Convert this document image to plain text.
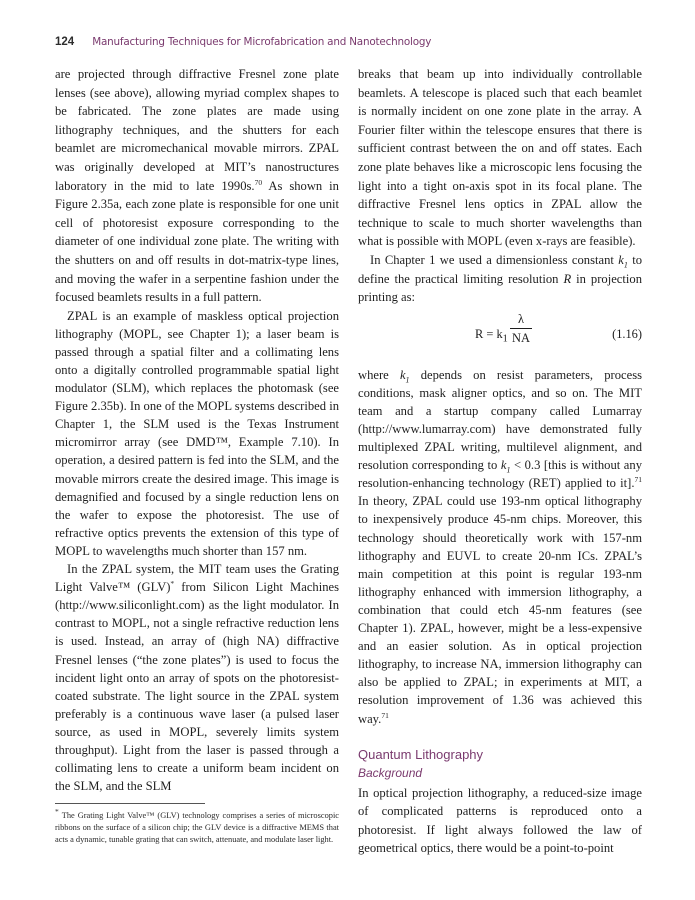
124 Manufacturing Techniques for Microfabrication and Nanotechnology

are projected through diffractive Fresnel zone plate lenses (see above), allowing myriad complex shapes to be fabricated. The zone plates are made using lithography techniques, and the shutters for each beamlet are micromechanical movable mirrors. ZPAL was originally developed at MIT’s nanostructures laboratory in the mid to late 1990s.$^{70}$ As shown in Figure 2.35a, each zone plate is responsible for one unit cell of photoresist exposure corresponding to the diameter of one individual zone plate. The writing with the shutters on and off results in dot-matrix-type lines, and moving the wafer in a serpentine fashion under the focused beamlets results in a full pattern.

ZPAL is an example of maskless optical projection lithography (MOPL, see Chapter 1); a laser beam is passed through a spatial filter and a collimating lens onto a digitally controlled programmable spatial light modulator (SLM), which replaces the photomask (see Figure 2.35b). In one of the MOPL systems described in Chapter 1, the SLM used is the Texas Instrument micromirror array (see DMD™, Example 7.10). In operation, a desired pattern is fed into the SLM, and the movable mirrors create the desired image. This image is demagnified and focused by a single reduction lens on the wafer to expose the photoresist. The use of refractive optics prevents the extension of this type of MOPL to wavelengths much shorter than 157 nm.

In the ZPAL system, the MIT team uses the Grating Light Valve™ (GLV)* from Silicon Light Machines (http://www.siliconlight.com) as the light modulator. In contrast to MOPL, not a single refractive reduction lens is used. Instead, an array of (high NA) diffractive Fresnel lenses (“the zone plates”) is used to focus the incident light onto an array of spots on the photoresist-coated substrate. The light source in the ZPAL system preferably is a continuous wave laser (a pulsed laser source, as used in MOPL, severely limits system throughput). Light from the laser is passed through a collimating lens to create a uniform beam incident on the SLM, and the SLM

* The Grating Light Valve™ (GLV) technology comprises a series of microscopic ribbons on the surface of a silicon chip; the GLV device is a diffractive MEMS that acts a dynamic, tunable grating that can switch, attenuate, and modulate laser light.

breaks that beam up into individually controllable beamlets. A telescope is placed such that each beamlet is normally incident on one zone plate in the array. A Fourier filter within the telescope ensures that there is sufficient contrast between the on and off states. Each zone plate behaves like a microscopic lens focusing the light into a tight on-axis spot in its focal plane. The diffractive Fresnel lens optics in ZPAL allow the technique to scale to much shorter wavelengths than what is possible with MOPL (even x-rays are feasible).

In Chapter 1 we used a dimensionless constant $k_1$ to define the practical limiting resolution R in projection printing as:

$R = k_1$
λ
NA	(1.16)

where $k_1$ depends on resist parameters, process conditions, mask aligner optics, and so on. The MIT team and a startup company called Lumarray (http://www.lumarray.com) have demonstrated fully multiplexed ZPAL writing, multilevel alignment, and resolution corresponding to $k_1 < 0.3$ [this is without any resolution-enhancing technology (RET) applied to it].$^{71}$ In theory, ZPAL could use 193-nm optical lithography to inexpensively produce 45-nm chips. Moreover, this technology should theoretically work with 157-nm lithography and EUVL to create 20-nm ICs. ZPAL’s main competition at this point is regular 193-nm lithography enhanced with immersion lithography, a combination that could etch 45-nm features (see Chapter 1). ZPAL, however, might be a less-expensive and an easier solution. As in optical projection lithography, to increase NA, immersion lithography can also be applied to ZPAL; in experiments at MIT, a resolution improvement of 1.36 was achieved this way.$^{71}$

Quantum Lithography
Background

In optical projection lithography, a reduced-size image of complicated patterns is reproduced onto a photoresist. If light always followed the law of geometrical optics, there would be a point-to-point
